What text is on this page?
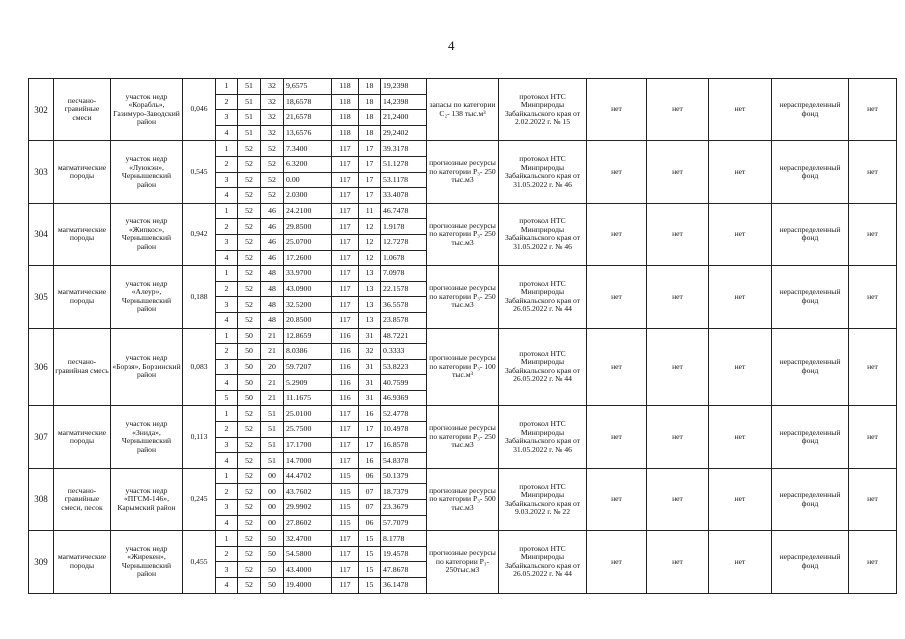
4
302	песчано-гравийные смеси	участок недр «Корабль», Газимуро-Заводский район	0,046	1	51	32	9,6575	118	18	19,2398	запасы по категории С₂- 138 тыс.м³	протокол НТС Минприроды Забайкальского края от 2.02.2022 г. № 15	нет	нет	нет	нераспределенный фонд	нет
				2	51	32	18,6578	118	18	14,2398							
				3	51	32	21,6578	118	18	21,2400							
				4	51	32	13,6576	118	18	29,2402							
303	магматические породы	участок недр «Луюкэн», Чернышевский район	0,545	1	52	52	7.3400	117	17	39.3178	прогнозные ресурсы по категории Р₃- 250 тыс.м3	протокол НТС Минприроды Забайкальского края от 31.05.2022 г. № 46	нет	нет	нет	нераспределенный фонд	нет
				2	52	52	6.3200	117	17	51.1278							
				3	52	52	0.00	117	17	53.1178							
				4	52	52	2.0300	117	17	33.4078							
304	магматические породы	участок недр «Жипкос», Чернышевский район	0,942	1	52	46	24.2100	117	11	46.7478	прогнозные ресурсы по категории Р₃- 250 тыс.м3	протокол НТС Минприроды Забайкальского края от 31.05.2022 г. № 46	нет	нет	нет	нераспределенный фонд	нет
				2	52	46	29.8500	117	12	1.9178							
				3	52	46	25.0700	117	12	12.7278							
				4	52	46	17.2600	117	12	1.0678							
305	магматические породы	участок недр «Алеур», Чернышевский район	0,188	1	52	48	33.9700	117	13	7.0978	прогнозные ресурсы по категории Р₃- 250 тыс.м3	протокол НТС Минприроды Забайкальского края от 26.05.2022 г. № 44	нет	нет	нет	нераспределенный фонд	нет
				2	52	48	43.0900	117	13	22.1578							
				3	52	48	32.5200	117	13	36.5578							
				4	52	48	20.8500	117	13	23.8578							
306	песчано-гравийная смесь	участок недр «Борзя», Борзинский район	0,083	1	50	21	12.8659	116	31	48.7221	прогнозные ресурсы по категории Р₃- 100 тыс.м³	протокол НТС Минприроды Забайкальского края от 26.05.2022 г. № 44	нет	нет	нет	нераспределенный фонд	нет
				2	50	21	8.0386	116	32	0.3333							
				3	50	20	59.7207	116	31	53.8223							
				4	50	21	5.2909	116	31	40.7599							
				5	50	21	11.1675	116	31	46.9369							
307	магматические породы	участок недр «Знида», Чернышевский район	0,113	1	52	51	25.0100	117	16	52.4778	прогнозные ресурсы по категории Р₃- 250 тыс.м3	протокол НТС Минприроды Забайкальского края от 31.05.2022 г. № 46	нет	нет	нет	нераспределенный фонд	нет
				2	52	51	25.7500	117	17	10.4978							
				3	52	51	17.1700	117	17	16.8578							
				4	52	51	14.7000	117	16	54.8378							
308	песчано-гравийные смеси, песок	участок недр «ПГСМ-146», Карымский район	0,245	1	52	00	44.4702	115	06	50.1379	прогнозные ресурсы по категории Р₃- 500 тыс.м3	протокол НТС Минприроды Забайкальского края от 9.03.2022 г. № 22	нет	нет	нет	нераспределенный фонд	нет
				2	52	00	43.7602	115	07	18.7379							
				3	52	00	29.9902	115	07	23.3679							
				4	52	00	27.8602	115	06	57.7079							
309	магматические породы	участок недр «Жирекен», Чернышевский район	0,455	1	52	50	32.4700	117	15	8.1778	прогнозные ресурсы по категории Р₃- 250тыс.м3	протокол НТС Минприроды Забайкальского края от 26.05.2022 г. № 44	нет	нет	нет	нераспределенный фонд	нет
				2	52	50	54.5800	117	15	19.4578							
				3	52	50	43.4000	117	15	47.8678							
				4	52	50	19.4000	117	15	36.1478							
